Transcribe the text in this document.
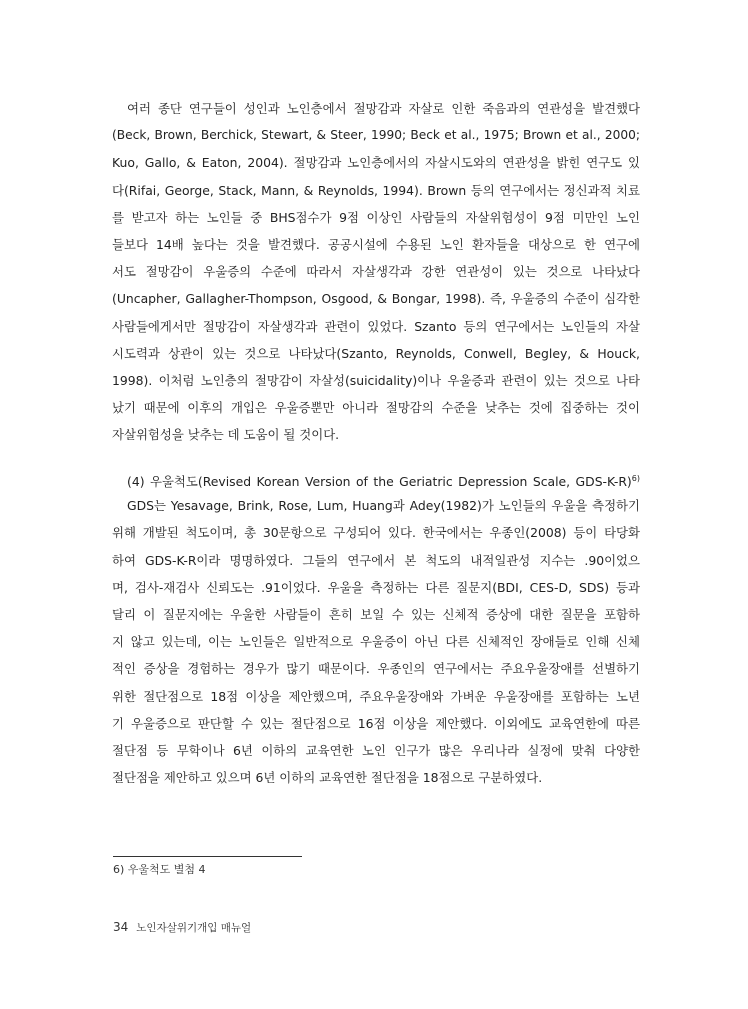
여러 종단 연구들이 성인과 노인층에서 절망감과 자살로 인한 죽음과의 연관성을 발견했다
(Beck, Brown, Berchick, Stewart, & Steer, 1990; Beck et al., 1975; Brown et al., 2000;
Kuo, Gallo, & Eaton, 2004). 절망감과 노인층에서의 자살시도와의 연관성을 밝힌 연구도 있
다(Rifai, George, Stack, Mann, & Reynolds, 1994). Brown 등의 연구에서는 정신과적 치료
를 받고자 하는 노인들 중 BHS점수가 9점 이상인 사람들의 자살위험성이 9점 미만인 노인
들보다 14배 높다는 것을 발견했다. 공공시설에 수용된 노인 환자들을 대상으로 한 연구에
서도 절망감이 우울증의 수준에 따라서 자살생각과 강한 연관성이 있는 것으로 나타났다
(Uncapher, Gallagher-Thompson, Osgood, & Bongar, 1998). 즉, 우울증의 수준이 심각한
사람들에게서만 절망감이 자살생각과 관련이 있었다. Szanto 등의 연구에서는 노인들의 자살
시도력과 상관이 있는 것으로 나타났다(Szanto, Reynolds, Conwell, Begley, & Houck,
1998). 이처럼 노인층의 절망감이 자살성(suicidality)이나 우울증과 관련이 있는 것으로 나타
났기 때문에 이후의 개입은 우울증뿐만 아니라 절망감의 수준을 낮추는 것에 집중하는 것이
자살위험성을 낮추는 데 도움이 될 것이다.
(4) 우울척도(Revised Korean Version of the Geriatric Depression Scale, GDS-K-R)$^{6)}$
GDS는 Yesavage, Brink, Rose, Lum, Huang과 Adey(1982)가 노인들의 우울을 측정하기
위해 개발된 척도이며, 총 30문항으로 구성되어 있다. 한국에서는 우종인(2008) 등이 타당화
하여 GDS-K-R이라 명명하였다. 그들의 연구에서 본 척도의 내적일관성 지수는 .90이었으
며, 검사-재검사 신뢰도는 .91이었다. 우울을 측정하는 다른 질문지(BDI, CES-D, SDS) 등과
달리 이 질문지에는 우울한 사람들이 흔히 보일 수 있는 신체적 증상에 대한 질문을 포함하
지 않고 있는데, 이는 노인들은 일반적으로 우울증이 아닌 다른 신체적인 장애들로 인해 신체
적인 증상을 경험하는 경우가 많기 때문이다. 우종인의 연구에서는 주요우울장애를 선별하기
위한 절단점으로 18점 이상을 제안했으며, 주요우울장애와 가벼운 우울장애를 포함하는 노년
기 우울증으로 판단할 수 있는 절단점으로 16점 이상을 제안했다. 이외에도 교육연한에 따른
절단점 등 무학이나 6년 이하의 교육연한 노인 인구가 많은 우리나라 실정에 맞춰 다양한
절단점을 제안하고 있으며 6년 이하의 교육연한 절단점을 18점으로 구분하였다.
6) 우울척도 별첨 4
34 노인자살위기개입 매뉴얼
